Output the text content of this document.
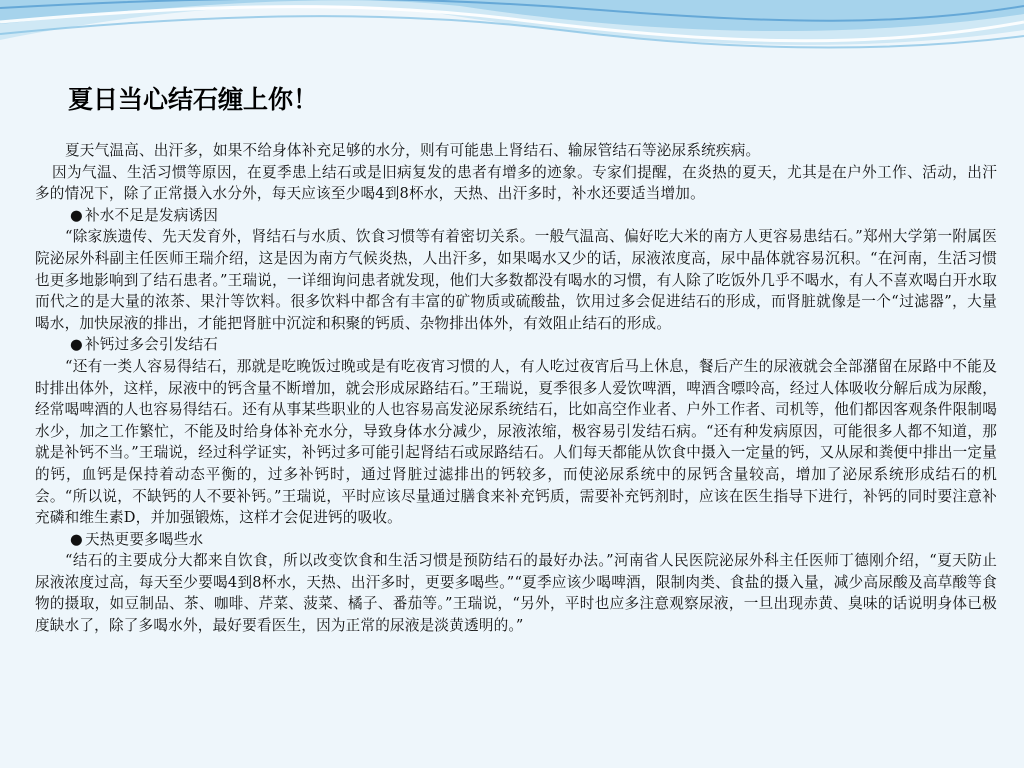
夏日当心结石缠上你！

夏天气温高、出汗多，如果不给身体补充足够的水分，则有可能患上肾结石、输尿管结石等泌尿系统疾病。

因为气温、生活习惯等原因，在夏季患上结石或是旧病复发的患者有增多的迹象。专家们提醒，在炎热的夏天，尤其是在户外工作、活动，出汗多的情况下，除了正常摄入水分外，每天应该至少喝4到8杯水，天热、出汗多时，补水还要适当增加。

● 补水不足是发病诱因

“除家族遗传、先天发育外，肾结石与水质、饮食习惯等有着密切关系。一般气温高、偏好吃大米的南方人更容易患结石。”郑州大学第一附属医院泌尿外科副主任医师王瑞介绍，这是因为南方气候炎热，人出汗多，如果喝水又少的话，尿液浓度高，尿中晶体就容易沉积。“在河南，生活习惯也更多地影响到了结石患者。”王瑞说，一详细询问患者就发现，他们大多数都没有喝水的习惯，有人除了吃饭外几乎不喝水，有人不喜欢喝白开水取而代之的是大量的浓茶、果汁等饮料。很多饮料中都含有丰富的矿物质或硫酸盐，饮用过多会促进结石的形成，而肾脏就像是一个“过滤器”，大量喝水，加快尿液的排出，才能把肾脏中沉淀和积聚的钙质、杂物排出体外，有效阻止结石的形成。

● 补钙过多会引发结石

“还有一类人容易得结石，那就是吃晚饭过晚或是有吃夜宵习惯的人，有人吃过夜宵后马上休息，餐后产生的尿液就会全部潴留在尿路中不能及时排出体外，这样，尿液中的钙含量不断增加，就会形成尿路结石。”王瑞说，夏季很多人爱饮啤酒，啤酒含嘌呤高，经过人体吸收分解后成为尿酸，经常喝啤酒的人也容易得结石。还有从事某些职业的人也容易高发泌尿系统结石，比如高空作业者、户外工作者、司机等，他们都因客观条件限制喝水少，加之工作繁忙，不能及时给身体补充水分，导致身体水分减少，尿液浓缩，极容易引发结石病。“还有种发病原因，可能很多人都不知道，那就是补钙不当。”王瑞说，经过科学证实，补钙过多可能引起肾结石或尿路结石。人们每天都能从饮食中摄入一定量的钙，又从尿和粪便中排出一定量的钙，血钙是保持着动态平衡的，过多补钙时，通过肾脏过滤排出的钙较多，而使泌尿系统中的尿钙含量较高，增加了泌尿系统形成结石的机会。“所以说，不缺钙的人不要补钙。”王瑞说，平时应该尽量通过膳食来补充钙质，需要补充钙剂时，应该在医生指导下进行，补钙的同时要注意补充磷和维生素D，并加强锻炼，这样才会促进钙的吸收。

● 天热更要多喝些水

“结石的主要成分大都来自饮食，所以改变饮食和生活习惯是预防结石的最好办法。”河南省人民医院泌尿外科主任医师丁德刚介绍，“夏天防止尿液浓度过高，每天至少要喝4到8杯水，天热、出汗多时，更要多喝些。”“夏季应该少喝啤酒，限制肉类、食盐的摄入量，减少高尿酸及高草酸等食物的摄取，如豆制品、茶、咖啡、芹菜、菠菜、橘子、番茄等。”王瑞说，“另外，平时也应多注意观察尿液，一旦出现赤黄、臭味的话说明身体已极度缺水了，除了多喝水外，最好要看医生，因为正常的尿液是淡黄透明的。”
